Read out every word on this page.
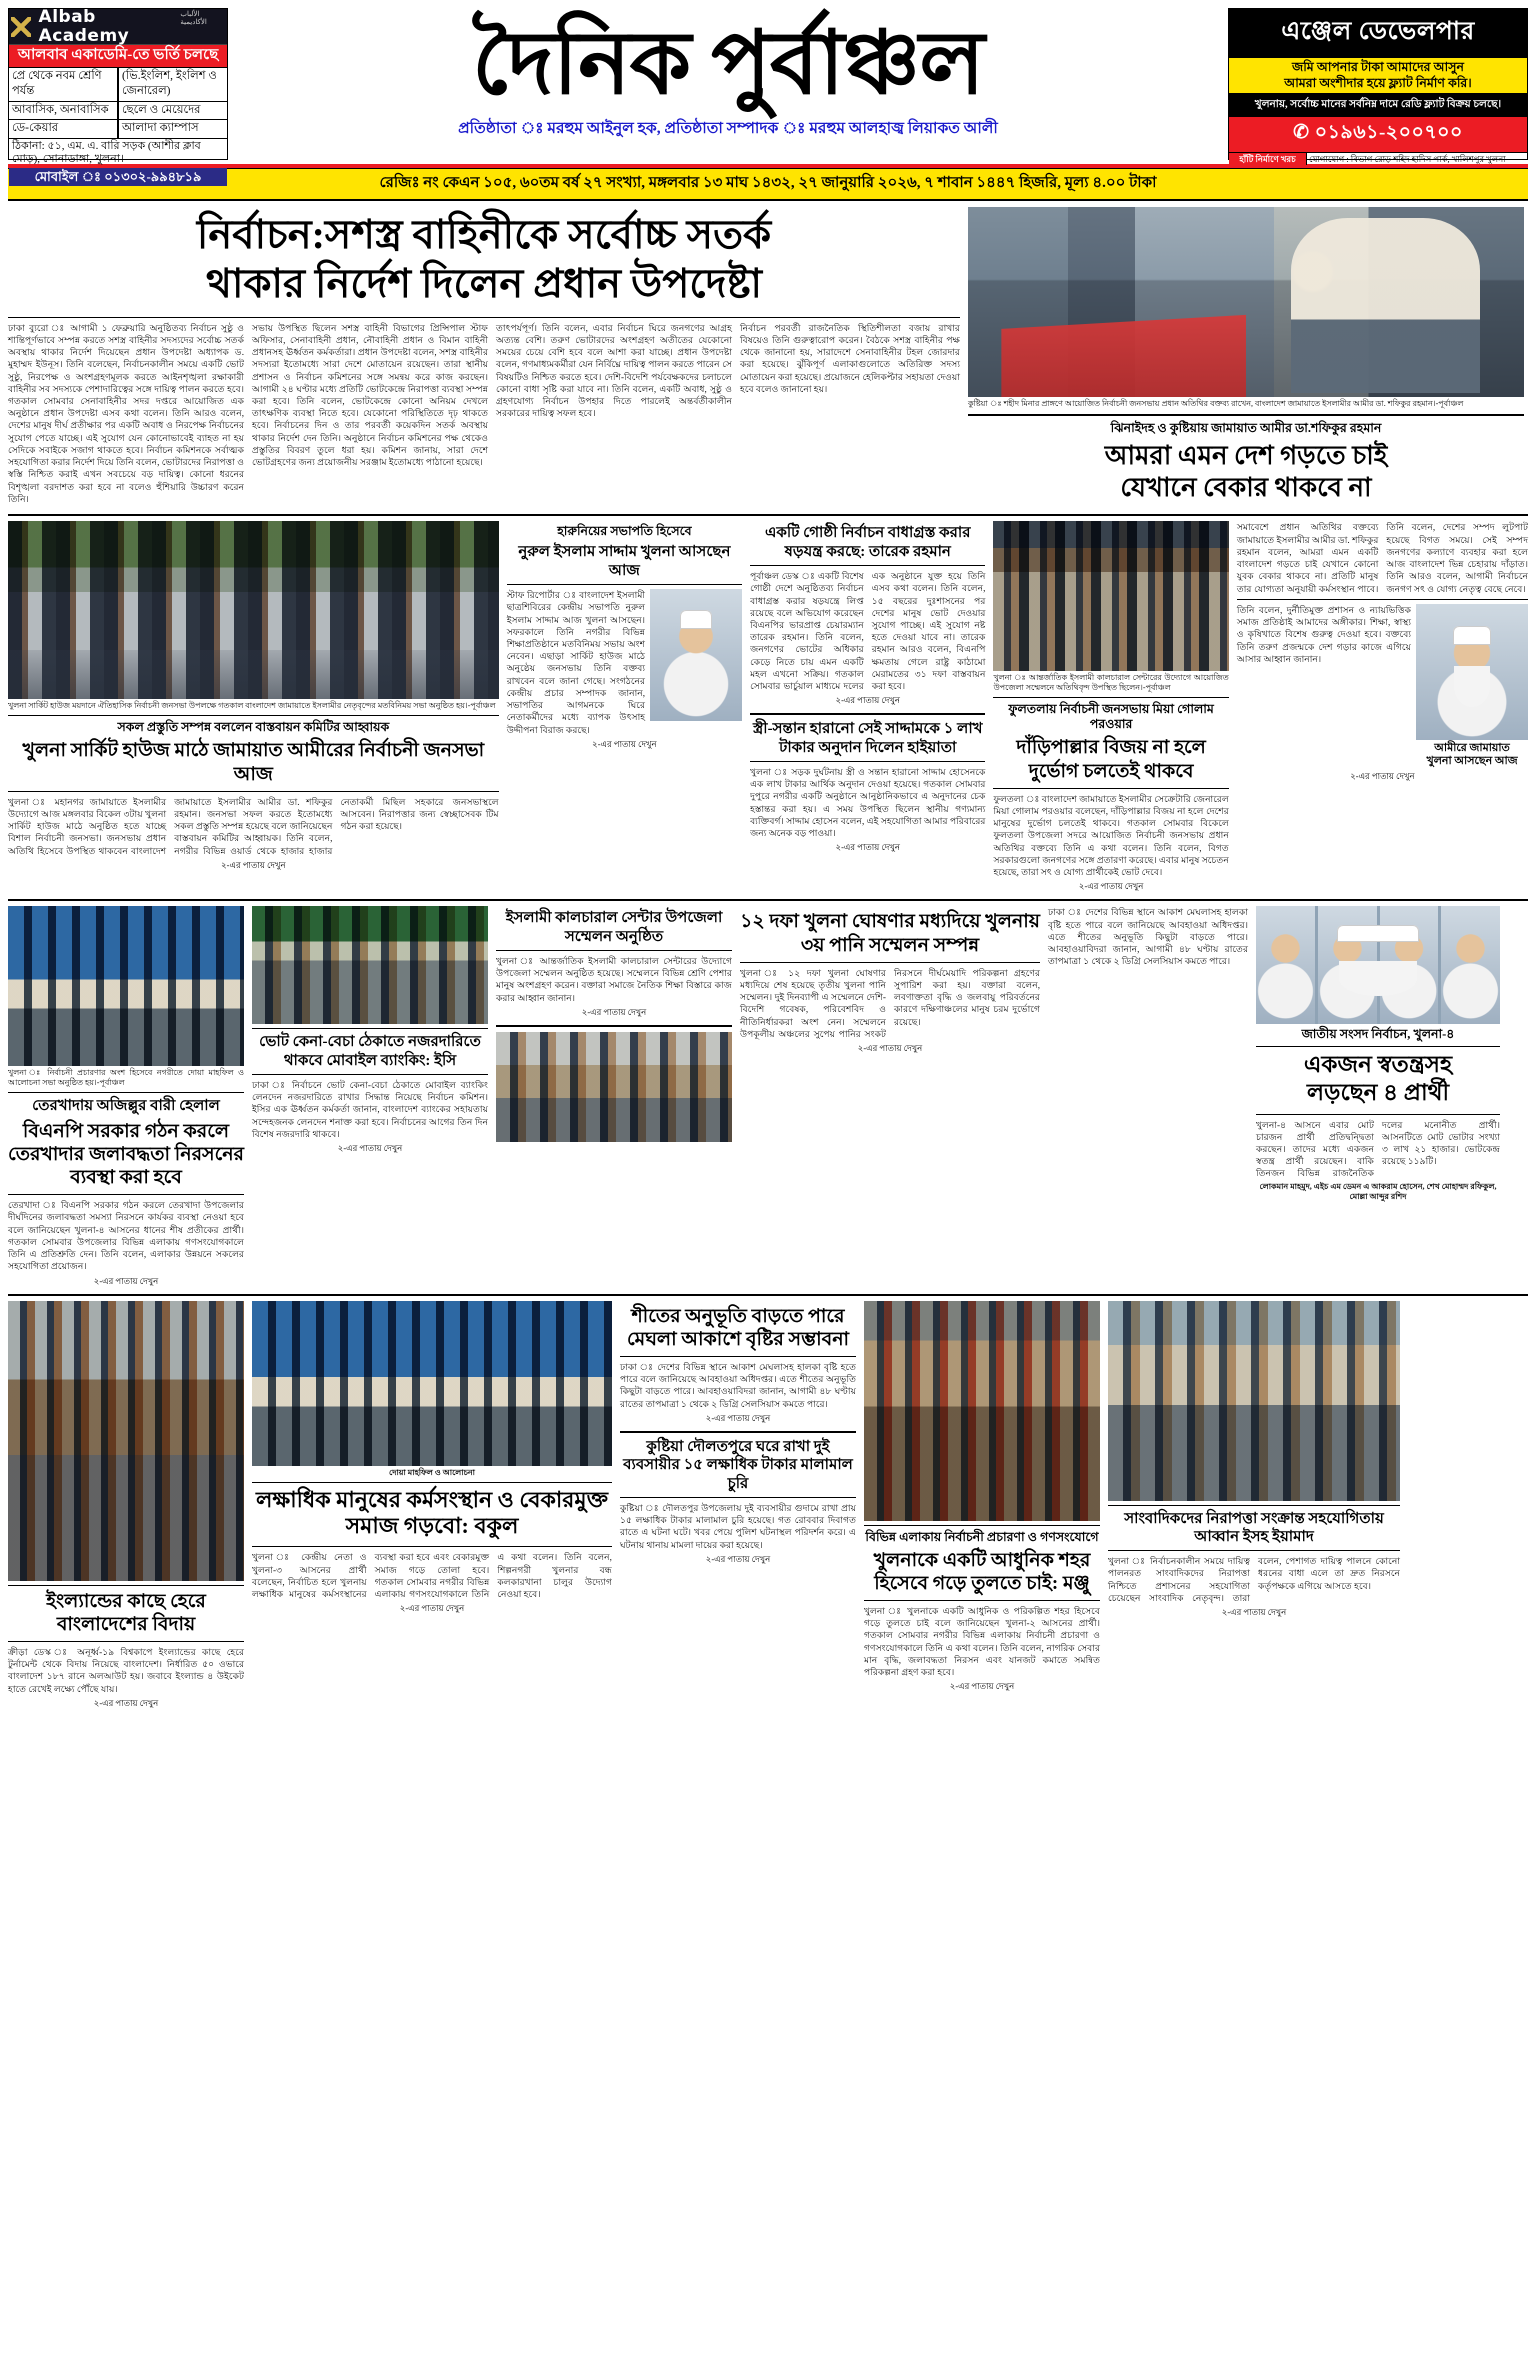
Albab Academy
الألباب الأكاديمية
আলবাব একাডেমি-তে ভর্তি চলছে
প্রে থেকে নবম শ্রেণি পর্যন্ত
(ভি.ইংলিশ, ইংলিশ ও জেনারেল)
আবাসিক, অনাবাসিক	ছেলে ও মেয়েদের
ডে-কেয়ার	আলাদা ক্যাম্পাস
ঠিকানা: ৫১, এম. এ. বারি সড়ক (আশীর ক্লাব মোড়), সোনাডাঙ্গা, খুলনা।
মোবাইল ঃ ০১৩০২-৯৯৪৮১৯
দৈনিক পুর্বাঞ্চল
প্রতিষ্ঠাতা ঃ মরহুম আইনুল হক, প্রতিষ্ঠাতা সম্পাদক ঃ মরহুম আলহাজ্ব লিয়াকত আলী
এঞ্জেল ডেভেলপার
জমি আপনার টাকা আমাদের আসুন
আমরা অংশীদার হয়ে ফ্ল্যাট নির্মাণ করি।
খুলনায়, সর্বোচ্চ মানের সর্বনিম্ন দামে রেডি ফ্ল্যাট বিক্রয় চলছে।
✆ ০১৯৬১-২০০৭০০
হাঁটি নির্মাণে খরচ	যোগাযোগ : বিভাগ রোড় শহিদ হাদিস পার্ক, খালিশপুর খুলনা
রেজিঃ নং কেএন ১০৫, ৬০তম বর্ষ ২৭ সংখ্যা, মঙ্গলবার ১৩ মাঘ ১৪৩২, ২৭ জানুয়ারি ২০২৬, ৭ শাবান ১৪৪৭ হিজরি, মূল্য ৪.০০ টাকা
নির্বাচন:সশস্ত্র বাহিনীকে সর্বোচ্চ সতর্ক
থাকার নির্দেশ দিলেন প্রধান উপদেষ্টা
ঢাকা ব্যুরো ঃ আগামী ১ ফেব্রুয়ারি অনুষ্ঠিতব্য নির্বাচন সুষ্ঠু ও শান্তিপূর্ণভাবে সম্পন্ন করতে সশস্ত্র বাহিনীর সদস্যদের সর্বোচ্চ সতর্ক অবস্থায় থাকার নির্দেশ দিয়েছেন প্রধান উপদেষ্টা অধ্যাপক ড. মুহাম্মদ ইউনূস। তিনি বলেছেন, নির্বাচনকালীন সময়ে একটি ভোট সুষ্ঠু, নিরপেক্ষ ও অংশগ্রহণমূলক করতে আইনশৃঙ্খলা রক্ষাকারী বাহিনীর সব সদস্যকে পেশাদারিত্বের সঙ্গে দায়িত্ব পালন করতে হবে। গতকাল সোমবার সেনাবাহিনীর সদর দপ্তরে আয়োজিত এক অনুষ্ঠানে প্রধান উপদেষ্টা এসব কথা বলেন। তিনি আরও বলেন, দেশের মানুষ দীর্ঘ প্রতীক্ষার পর একটি অবাধ ও নিরপেক্ষ নির্বাচনের সুযোগ পেতে যাচ্ছে। এই সুযোগ যেন কোনোভাবেই ব্যাহত না হয় সেদিকে সবাইকে সজাগ থাকতে হবে। নির্বাচন কমিশনকে সর্বাত্মক সহযোগিতা করার নির্দেশ দিয়ে তিনি বলেন, ভোটারদের নিরাপত্তা ও স্বস্তি নিশ্চিত করাই এখন সবচেয়ে বড় দায়িত্ব। কোনো ধরনের বিশৃঙ্খলা বরদাশত করা হবে না বলেও হুঁশিয়ারি উচ্চারণ করেন তিনি।
সভায় উপস্থিত ছিলেন সশস্ত্র বাহিনী বিভাগের প্রিন্সিপাল স্টাফ অফিসার, সেনাবাহিনী প্রধান, নৌবাহিনী প্রধান ও বিমান বাহিনী প্রধানসহ ঊর্ধ্বতন কর্মকর্তারা। প্রধান উপদেষ্টা বলেন, সশস্ত্র বাহিনীর সদস্যরা ইতোমধ্যে সারা দেশে মোতায়েন রয়েছেন। তারা স্থানীয় প্রশাসন ও নির্বাচন কমিশনের সঙ্গে সমন্বয় করে কাজ করছেন। আগামী ২৪ ঘণ্টার মধ্যে প্রতিটি ভোটকেন্দ্রে নিরাপত্তা ব্যবস্থা সম্পন্ন করা হবে। তিনি বলেন, ভোটকেন্দ্রে কোনো অনিয়ম দেখলে তাৎক্ষণিক ব্যবস্থা নিতে হবে। যেকোনো পরিস্থিতিতে দৃঢ় থাকতে হবে। নির্বাচনের দিন ও তার পরবর্তী কয়েকদিন সতর্ক অবস্থায় থাকার নির্দেশ দেন তিনি। অনুষ্ঠানে নির্বাচন কমিশনের পক্ষ থেকেও প্রস্তুতির বিবরণ তুলে ধরা হয়। কমিশন জানায়, সারা দেশে ভোটগ্রহণের জন্য প্রয়োজনীয় সরঞ্জাম ইতোমধ্যে পাঠানো হয়েছে।
তাৎপর্যপূর্ণ। তিনি বলেন, এবার নির্বাচন ঘিরে জনগণের আগ্রহ অত্যন্ত বেশি। তরুণ ভোটারদের অংশগ্রহণ অতীতের যেকোনো সময়ের চেয়ে বেশি হবে বলে আশা করা যাচ্ছে। প্রধান উপদেষ্টা বলেন, গণমাধ্যমকর্মীরা যেন নির্বিঘ্নে দায়িত্ব পালন করতে পারেন সে বিষয়টিও নিশ্চিত করতে হবে। দেশি-বিদেশি পর্যবেক্ষকদের চলাচলে কোনো বাধা সৃষ্টি করা যাবে না। তিনি বলেন, একটি অবাধ, সুষ্ঠু ও গ্রহণযোগ্য নির্বাচন উপহার দিতে পারলেই অন্তর্বর্তীকালীন সরকারের দায়িত্ব সফল হবে।
নির্বাচন পরবর্তী রাজনৈতিক স্থিতিশীলতা বজায় রাখার বিষয়েও তিনি গুরুত্বারোপ করেন। বৈঠকে সশস্ত্র বাহিনীর পক্ষ থেকে জানানো হয়, সারাদেশে সেনাবাহিনীর টহল জোরদার করা হয়েছে। ঝুঁকিপূর্ণ এলাকাগুলোতে অতিরিক্ত সদস্য মোতায়েন করা হয়েছে। প্রয়োজনে হেলিকপ্টার সহায়তা দেওয়া হবে বলেও জানানো হয়।
কুষ্টিয়া ঃ শহীদ মিনার প্রাঙ্গণে আয়োজিত নির্বাচনী জনসভায় প্রধান অতিথির বক্তব্য রাখেন, বাংলাদেশ জামায়াতে ইসলামীর আমীর ডা. শফিকুর রহমান।-পূর্বাঞ্চল
ঝিনাইদহ ও কুষ্টিয়ায় জামায়াত আমীর ডা.শফিকুর রহমান
আমরা এমন দেশ গড়তে চাই
যেখানে বেকার থাকবে না
খুলনা সার্কিট হাউজ ময়দানে ঐতিহাসিক নির্বাচনী জনসভা উপলক্ষে গতকাল বাংলাদেশ জামায়াতে ইসলামীর নেতৃবৃন্দের মতবিনিময় সভা অনুষ্ঠিত হয়।-পূর্বাঞ্চল
সকল প্রস্তুতি সম্পন্ন বললেন বাস্তবায়ন কমিটির আহ্বায়ক
খুলনা সার্কিট হাউজ মাঠে জামায়াত আমীরের নির্বাচনী জনসভা আজ
খুলনা ঃ মহানগর জামায়াতে ইসলামীর উদ্যোগে আজ মঙ্গলবার বিকেল ৩টায় খুলনা সার্কিট হাউজ মাঠে অনুষ্ঠিত হতে যাচ্ছে বিশাল নির্বাচনী জনসভা। জনসভায় প্রধান অতিথি হিসেবে উপস্থিত থাকবেন বাংলাদেশ জামায়াতে ইসলামীর আমীর ডা. শফিকুর রহমান। জনসভা সফল করতে ইতোমধ্যে সকল প্রস্তুতি সম্পন্ন হয়েছে বলে জানিয়েছেন বাস্তবায়ন কমিটির আহ্বায়ক। তিনি বলেন, নগরীর বিভিন্ন ওয়ার্ড থেকে হাজার হাজার নেতাকর্মী মিছিল সহকারে জনসভাস্থলে আসবেন। নিরাপত্তার জন্য স্বেচ্ছাসেবক টিম গঠন করা হয়েছে।
২-এর পাতায় দেখুন
হারুনিয়ের সভাপতি হিসেবে
নুরুল ইসলাম সাদ্দাম খুলনা আসছেন আজ
স্টাফ রিপোর্টার ঃ বাংলাদেশ ইসলামী ছাত্রশিবিরের কেন্দ্রীয় সভাপতি নুরুল ইসলাম সাদ্দাম আজ খুলনা আসছেন। সফরকালে তিনি নগরীর বিভিন্ন শিক্ষাপ্রতিষ্ঠানে মতবিনিময় সভায় অংশ নেবেন। এছাড়া সার্কিট হাউজ মাঠে অনুষ্ঠেয় জনসভায় তিনি বক্তব্য রাখবেন বলে জানা গেছে। সংগঠনের কেন্দ্রীয় প্রচার সম্পাদক জানান, সভাপতির আগমনকে ঘিরে নেতাকর্মীদের মধ্যে ব্যাপক উৎসাহ উদ্দীপনা বিরাজ করছে।
২-এর পাতায় দেখুন
একটি গোষ্ঠী নির্বাচন বাধাগ্রস্ত করার ষড়যন্ত্র করছে: তারেক রহমান
পূর্বাঞ্চল ডেস্ক ঃ একটি বিশেষ গোষ্ঠী দেশে অনুষ্ঠিতব্য নির্বাচন বাধাগ্রস্ত করার ষড়যন্ত্রে লিপ্ত রয়েছে বলে অভিযোগ করেছেন বিএনপির ভারপ্রাপ্ত চেয়ারম্যান তারেক রহমান। তিনি বলেন, জনগণের ভোটের অধিকার কেড়ে নিতে চায় এমন একটি মহল এখনো সক্রিয়। গতকাল সোমবার ভার্চুয়াল মাধ্যমে দলের এক অনুষ্ঠানে যুক্ত হয়ে তিনি এসব কথা বলেন। তিনি বলেন, ১৫ বছরের দুঃশাসনের পর দেশের মানুষ ভোট দেওয়ার সুযোগ পাচ্ছে। এই সুযোগ নষ্ট হতে দেওয়া যাবে না। তারেক রহমান আরও বলেন, বিএনপি ক্ষমতায় গেলে রাষ্ট্র কাঠামো মেরামতের ৩১ দফা বাস্তবায়ন করা হবে।
২-এর পাতায় দেখুন
স্ত্রী-সন্তান হারানো সেই সাদ্দামকে ১ লাখ টাকার অনুদান দিলেন হাইয়াতা
খুলনা ঃ সড়ক দুর্ঘটনায় স্ত্রী ও সন্তান হারানো সাদ্দাম হোসেনকে এক লাখ টাকার আর্থিক অনুদান দেওয়া হয়েছে। গতকাল সোমবার দুপুরে নগরীর একটি অনুষ্ঠানে আনুষ্ঠানিকভাবে এ অনুদানের চেক হস্তান্তর করা হয়। এ সময় উপস্থিত ছিলেন স্থানীয় গণ্যমান্য ব্যক্তিবর্গ। সাদ্দাম হোসেন বলেন, এই সহযোগিতা আমার পরিবারের জন্য অনেক বড় পাওয়া।
২-এর পাতায় দেখুন
খুলনা ঃ আন্তর্জাতিক ইসলামী কালচারাল সেন্টারের উদ্যোগে আয়োজিত উপজেলা সম্মেলনে অতিথিবৃন্দ উপস্থিত ছিলেন।-পূর্বাঞ্চল
ফুলতলায় নির্বাচনী জনসভায় মিয়া গোলাম পরওয়ার
দাঁড়িপাল্লার বিজয় না হলে দুর্ভোগ চলতেই থাকবে
ফুলতলা ঃ বাংলাদেশ জামায়াতে ইসলামীর সেক্রেটারি জেনারেল মিয়া গোলাম পরওয়ার বলেছেন, দাঁড়িপাল্লার বিজয় না হলে দেশের মানুষের দুর্ভোগ চলতেই থাকবে। গতকাল সোমবার বিকেলে ফুলতলা উপজেলা সদরে আয়োজিত নির্বাচনী জনসভায় প্রধান অতিথির বক্তব্যে তিনি এ কথা বলেন। তিনি বলেন, বিগত সরকারগুলো জনগণের সঙ্গে প্রতারণা করেছে। এবার মানুষ সচেতন হয়েছে, তারা সৎ ও যোগ্য প্রার্থীকেই ভোট দেবে।
২-এর পাতায় দেখুন
সমাবেশে প্রধান অতিথির বক্তব্যে জামায়াতে ইসলামীর আমীর ডা. শফিকুর রহমান বলেন, আমরা এমন একটি বাংলাদেশ গড়তে চাই যেখানে কোনো যুবক বেকার থাকবে না। প্রতিটি মানুষ তার যোগ্যতা অনুযায়ী কর্মসংস্থান পাবে। তিনি বলেন, দেশের সম্পদ লুটপাট হয়েছে বিগত সময়ে। সেই সম্পদ জনগণের কল্যাণে ব্যবহার করা হলে আজ বাংলাদেশ ভিন্ন চেহারায় দাঁড়াত। তিনি আরও বলেন, আগামী নির্বাচনে জনগণ সৎ ও যোগ্য নেতৃত্ব বেছে নেবে।
তিনি বলেন, দুর্নীতিমুক্ত প্রশাসন ও ন্যায়ভিত্তিক সমাজ প্রতিষ্ঠাই আমাদের অঙ্গীকার। শিক্ষা, স্বাস্থ্য ও কৃষিখাতে বিশেষ গুরুত্ব দেওয়া হবে। বক্তব্যে তিনি তরুণ প্রজন্মকে দেশ গড়ার কাজে এগিয়ে আসার আহ্বান জানান।
আমীরে জামায়াত
খুলনা আসছেন আজ
২-এর পাতায় দেখুন
খুলনা ঃ নির্বাচনী প্রচারণার অংশ হিসেবে নগরীতে দোয়া মাহফিল ও আলোচনা সভা অনুষ্ঠিত হয়।-পূর্বাঞ্চল
তেরখাদায় অজিল্লুর বারী হেলাল
বিএনপি সরকার গঠন করলে তেরখাদার জলাবদ্ধতা নিরসনের ব্যবস্থা করা হবে
তেরখাদা ঃ বিএনপি সরকার গঠন করলে তেরখাদা উপজেলার দীর্ঘদিনের জলাবদ্ধতা সমস্যা নিরসনে কার্যকর ব্যবস্থা নেওয়া হবে বলে জানিয়েছেন খুলনা-৪ আসনের ধানের শীষ প্রতীকের প্রার্থী। গতকাল সোমবার উপজেলার বিভিন্ন এলাকায় গণসংযোগকালে তিনি এ প্রতিশ্রুতি দেন। তিনি বলেন, এলাকার উন্নয়নে সকলের সহযোগিতা প্রয়োজন।
২-এর পাতায় দেখুন
ভোট কেনা-বেচা ঠেকাতে নজরদারিতে থাকবে মোবাইল ব্যাংকিং: ইসি
ঢাকা ঃ নির্বাচনে ভোট কেনা-বেচা ঠেকাতে মোবাইল ব্যাংকিং লেনদেন নজরদারিতে রাখার সিদ্ধান্ত নিয়েছে নির্বাচন কমিশন। ইসির এক ঊর্ধ্বতন কর্মকর্তা জানান, বাংলাদেশ ব্যাংকের সহায়তায় সন্দেহজনক লেনদেন শনাক্ত করা হবে। নির্বাচনের আগের তিন দিন বিশেষ নজরদারি থাকবে।
২-এর পাতায় দেখুন
ইসলামী কালচারাল সেন্টার উপজেলা সম্মেলন অনুষ্ঠিত
খুলনা ঃ আন্তর্জাতিক ইসলামী কালচারাল সেন্টারের উদ্যোগে উপজেলা সম্মেলন অনুষ্ঠিত হয়েছে। সম্মেলনে বিভিন্ন শ্রেণি পেশার মানুষ অংশগ্রহণ করেন। বক্তারা সমাজে নৈতিক শিক্ষা বিস্তারে কাজ করার আহ্বান জানান।
২-এর পাতায় দেখুন
১২ দফা খুলনা ঘোষণার মধ্যদিয়ে খুলনায় ৩য় পানি সম্মেলন সম্পন্ন
খুলনা ঃ ১২ দফা খুলনা ঘোষণার মধ্যদিয়ে শেষ হয়েছে তৃতীয় খুলনা পানি সম্মেলন। দুই দিনব্যাপী এ সম্মেলনে দেশি-বিদেশি গবেষক, পরিবেশবিদ ও নীতিনির্ধারকরা অংশ নেন। সম্মেলনে উপকূলীয় অঞ্চলের সুপেয় পানির সংকট নিরসনে দীর্ঘমেয়াদি পরিকল্পনা গ্রহণের সুপারিশ করা হয়। বক্তারা বলেন, লবণাক্ততা বৃদ্ধি ও জলবায়ু পরিবর্তনের কারণে দক্ষিণাঞ্চলের মানুষ চরম দুর্ভোগে রয়েছে।
২-এর পাতায় দেখুন
ঢাকা ঃ দেশের বিভিন্ন স্থানে আকাশ মেঘলাসহ হালকা বৃষ্টি হতে পারে বলে জানিয়েছে আবহাওয়া অধিদপ্তর। এতে শীতের অনুভূতি কিছুটা বাড়তে পারে। আবহাওয়াবিদরা জানান, আগামী ৪৮ ঘণ্টায় রাতের তাপমাত্রা ১ থেকে ২ ডিগ্রি সেলসিয়াস কমতে পারে।
জাতীয় সংসদ নির্বাচন, খুলনা-৪
একজন স্বতন্ত্রসহ
লড়ছেন ৪ প্রার্থী
খুলনা-৪ আসনে এবার মোট চারজন প্রার্থী প্রতিদ্বন্দ্বিতা করছেন। তাদের মধ্যে একজন স্বতন্ত্র প্রার্থী রয়েছেন। বাকি তিনজন বিভিন্ন রাজনৈতিক দলের মনোনীত প্রার্থী। আসনটিতে মোট ভোটার সংখ্যা ৩ লাখ ২১ হাজার। ভোটকেন্দ্র রয়েছে ১১৯টি।
লোকমান মাহমুদ, এইচ এম ডেমন এ আকরাম হোসেন, শেখ মোহাম্মদ রফিকুল, মোল্লা আব্দুর রশিদ
ইংল্যান্ডের কাছে হেরে বাংলাদেশের বিদায়
ক্রীড়া ডেস্ক ঃ অনূর্ধ্ব-১৯ বিশ্বকাপে ইংল্যান্ডের কাছে হেরে টুর্নামেন্ট থেকে বিদায় নিয়েছে বাংলাদেশ। নির্ধারিত ৫০ ওভারে বাংলাদেশ ১৮৭ রানে অলআউট হয়। জবাবে ইংল্যান্ড ৪ উইকেট হাতে রেখেই লক্ষ্যে পৌঁছে যায়।
২-এর পাতায় দেখুন
দোয়া মাহফিল ও আলোচনা
লক্ষাধিক মানুষের কর্মসংস্থান ও বেকারমুক্ত সমাজ গড়বো: বকুল
খুলনা ঃ কেন্দ্রীয় নেতা ও খুলনা-৩ আসনের প্রার্থী বলেছেন, নির্বাচিত হলে খুলনায় লক্ষাধিক মানুষের কর্মসংস্থানের ব্যবস্থা করা হবে এবং বেকারমুক্ত সমাজ গড়ে তোলা হবে। গতকাল সোমবার নগরীর বিভিন্ন এলাকায় গণসংযোগকালে তিনি এ কথা বলেন। তিনি বলেন, শিল্পনগরী খুলনার বন্ধ কলকারখানা চালুর উদ্যোগ নেওয়া হবে।
২-এর পাতায় দেখুন
শীতের অনুভূতি বাড়তে পারে মেঘলা আকাশে বৃষ্টির সম্ভাবনা
ঢাকা ঃ দেশের বিভিন্ন স্থানে আকাশ মেঘলাসহ হালকা বৃষ্টি হতে পারে বলে জানিয়েছে আবহাওয়া অধিদপ্তর। এতে শীতের অনুভূতি কিছুটা বাড়তে পারে। আবহাওয়াবিদরা জানান, আগামী ৪৮ ঘণ্টায় রাতের তাপমাত্রা ১ থেকে ২ ডিগ্রি সেলসিয়াস কমতে পারে।
২-এর পাতায় দেখুন
কুষ্টিয়া দৌলতপুরে ঘরে রাখা দুই ব্যবসায়ীর ১৫ লক্ষাধিক টাকার মালামাল চুরি
কুষ্টিয়া ঃ দৌলতপুর উপজেলায় দুই ব্যবসায়ীর গুদামে রাখা প্রায় ১৫ লক্ষাধিক টাকার মালামাল চুরি হয়েছে। গত রোববার দিবাগত রাতে এ ঘটনা ঘটে। খবর পেয়ে পুলিশ ঘটনাস্থল পরিদর্শন করে। এ ঘটনায় থানায় মামলা দায়ের করা হয়েছে।
২-এর পাতায় দেখুন
বিভিন্ন এলাকায় নির্বাচনী প্রচারণা ও গণসংযোগে
খুলনাকে একটি আধুনিক শহর হিসেবে গড়ে তুলতে চাই: মঞ্জু
খুলনা ঃ খুলনাকে একটি আধুনিক ও পরিকল্পিত শহর হিসেবে গড়ে তুলতে চাই বলে জানিয়েছেন খুলনা-২ আসনের প্রার্থী। গতকাল সোমবার নগরীর বিভিন্ন এলাকায় নির্বাচনী প্রচারণা ও গণসংযোগকালে তিনি এ কথা বলেন। তিনি বলেন, নাগরিক সেবার মান বৃদ্ধি, জলাবদ্ধতা নিরসন এবং যানজট কমাতে সমন্বিত পরিকল্পনা গ্রহণ করা হবে।
২-এর পাতায় দেখুন
সাংবাদিকদের নিরাপত্তা সংক্রান্ত সহযোগিতায় আব্বান ইসহ ইয়ামাদ
খুলনা ঃ নির্বাচনকালীন সময়ে দায়িত্ব পালনরত সাংবাদিকদের নিরাপত্তা নিশ্চিতে প্রশাসনের সহযোগিতা চেয়েছেন সাংবাদিক নেতৃবৃন্দ। তারা বলেন, পেশাগত দায়িত্ব পালনে কোনো ধরনের বাধা এলে তা দ্রুত নিরসনে কর্তৃপক্ষকে এগিয়ে আসতে হবে।
২-এর পাতায় দেখুন
